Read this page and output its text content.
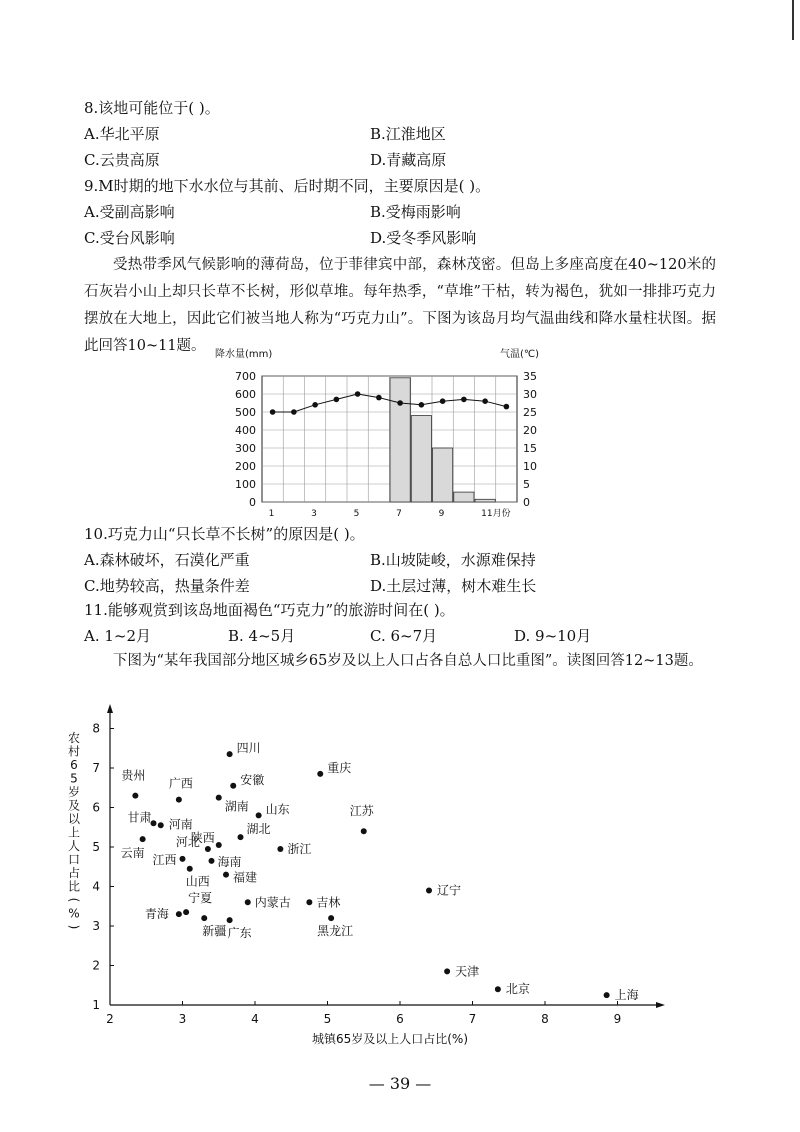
8.该地可能位于( )。
A.华北平原	B.江淮地区
C.云贵高原	D.青藏高原
9.M时期的地下水水位与其前、后时期不同，主要原因是( )。
A.受副高影响	B.受梅雨影响
C.受台风影响	D.受冬季风影响
受热带季风气候影响的薄荷岛，位于菲律宾中部，森林茂密。但岛上多座高度在40~120米的石灰岩小山上却只长草不长树，形似草堆。每年热季，“草堆”干枯，转为褐色，犹如一排排巧克力摆放在大地上，因此它们被当地人称为“巧克力山”。下图为该岛月均气温曲线和降水量柱状图。据此回答10~11题。
0
100
200
300
400
500
600
700
0
5
10
15
20
25
30
35
1	3	5	7	9	11月份
降水量(mm)	气温(℃)
10.巧克力山“只长草不长树”的原因是( )。
A.森林破坏，石漠化严重	B.山坡陡峻，水源难保持
C.地势较高，热量条件差	D.土层过薄，树木难生长
11.能够观赏到该岛地面褐色“巧克力”的旅游时间在( )。
A. 1~2月	B. 4~5月	C. 6~7月	D. 9~10月
下图为“某年我国部分地区城乡65岁及以上人口占各自总人口比重图”。读图回答12~13题。
四川
重庆
贵州
广西	安徽
湖南 山东
甘肃 河南
江苏
陕西
湖北
河北	浙江
云南 江西	海南
山西 福建
辽宁
宁夏
青海
内蒙古 吉林
新疆 广东	黑龙江
天津
北京	上海
2	3	4	5	6	7	8	9
1
2
3
4
5
6
7
8
城镇65岁及以上人口占比(%)
农
村
6
5
岁
及
以
上
人
口
占
比
(
%
)
— 39 —
